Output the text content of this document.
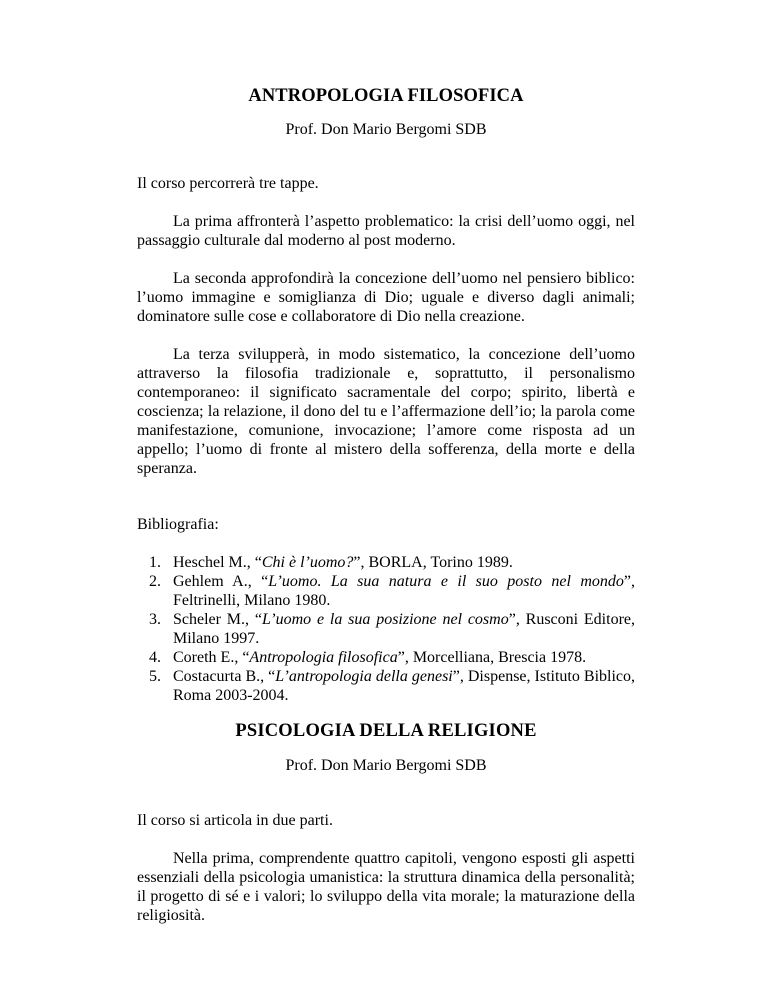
ANTROPOLOGIA FILOSOFICA
Prof. Don Mario Bergomi SDB

Il corso percorrerà tre tappe.

La prima affronterà l’aspetto problematico: la crisi dell’uomo oggi, nel passaggio culturale dal moderno al post moderno.

La seconda approfondirà la concezione dell’uomo nel pensiero biblico: l’uomo immagine e somiglianza di Dio; uguale e diverso dagli animali; dominatore sulle cose e collaboratore di Dio nella creazione.

La terza svilupperà, in modo sistematico, la concezione dell’uomo attraverso la filosofia tradizionale e, soprattutto, il personalismo contemporaneo: il significato sacramentale del corpo; spirito, libertà e coscienza; la relazione, il dono del tu e l’affermazione dell’io; la parola come manifestazione, comunione, invocazione; l’amore come risposta ad un appello; l’uomo di fronte al mistero della sofferenza, della morte e della speranza.

Bibliografia:

1. Heschel M., “Chi è l’uomo?”, BORLA, Torino 1989.
2. Gehlem A., “L’uomo. La sua natura e il suo posto nel mondo”, Feltrinelli, Milano 1980.
3. Scheler M., “L’uomo e la sua posizione nel cosmo”, Rusconi Editore, Milano 1997.
4. Coreth E., “Antropologia filosofica”, Morcelliana, Brescia 1978.
5. Costacurta B., “L’antropologia della genesi”, Dispense, Istituto Biblico, Roma 2003-2004.
PSICOLOGIA DELLA RELIGIONE
Prof. Don Mario Bergomi SDB

Il corso si articola in due parti.

Nella prima, comprendente quattro capitoli, vengono esposti gli aspetti essenziali della psicologia umanistica: la struttura dinamica della personalità; il progetto di sé e i valori; lo sviluppo della vita morale; la maturazione della religiosità.
